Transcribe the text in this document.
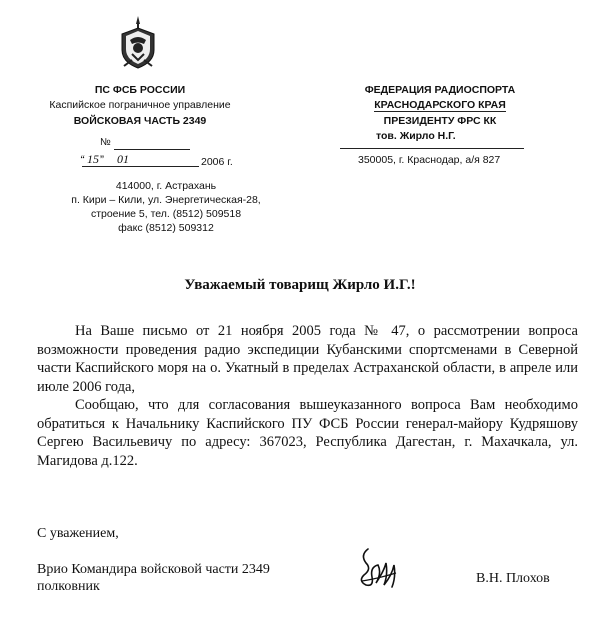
ПС ФСБ РОССИИ
Каспийское пограничное управление
ВОЙСКОВАЯ ЧАСТЬ 2349
№
“ 15 ” 01	2006 г.
414000, г. Астрахань
п. Кири – Кили, ул. Энергетическая-28,
строение 5, тел. (8512) 509518
факс (8512) 509312
ФЕДЕРАЦИЯ РАДИОСПОРТА
КРАСНОДАРСКОГО КРАЯ
ПРЕЗИДЕНТУ ФРС КК
тов. Жирло Н.Г.
350005, г. Краснодар, а/я 827
Уважаемый товарищ Жирло И.Г.!

На Ваше письмо от 21 ноября 2005 года № 47, о рассмотрении вопроса возможности проведения радио экспедиции Кубанскими спортсменами в Северной части Каспийского моря на о. Укатный в пределах Астраханской области, в апреле или июле 2006 года,

Сообщаю, что для согласования вышеуказанного вопроса Вам необходимо обратиться к Начальнику Каспийского ПУ ФСБ России генерал-майору Кудряшову Сергею Васильевичу по адресу: 367023, Республика Дагестан, г. Махачкала, ул. Магидова д.122.

С уважением,
Врио Командира войсковой части 2349
полковник
В.Н. Плохов
